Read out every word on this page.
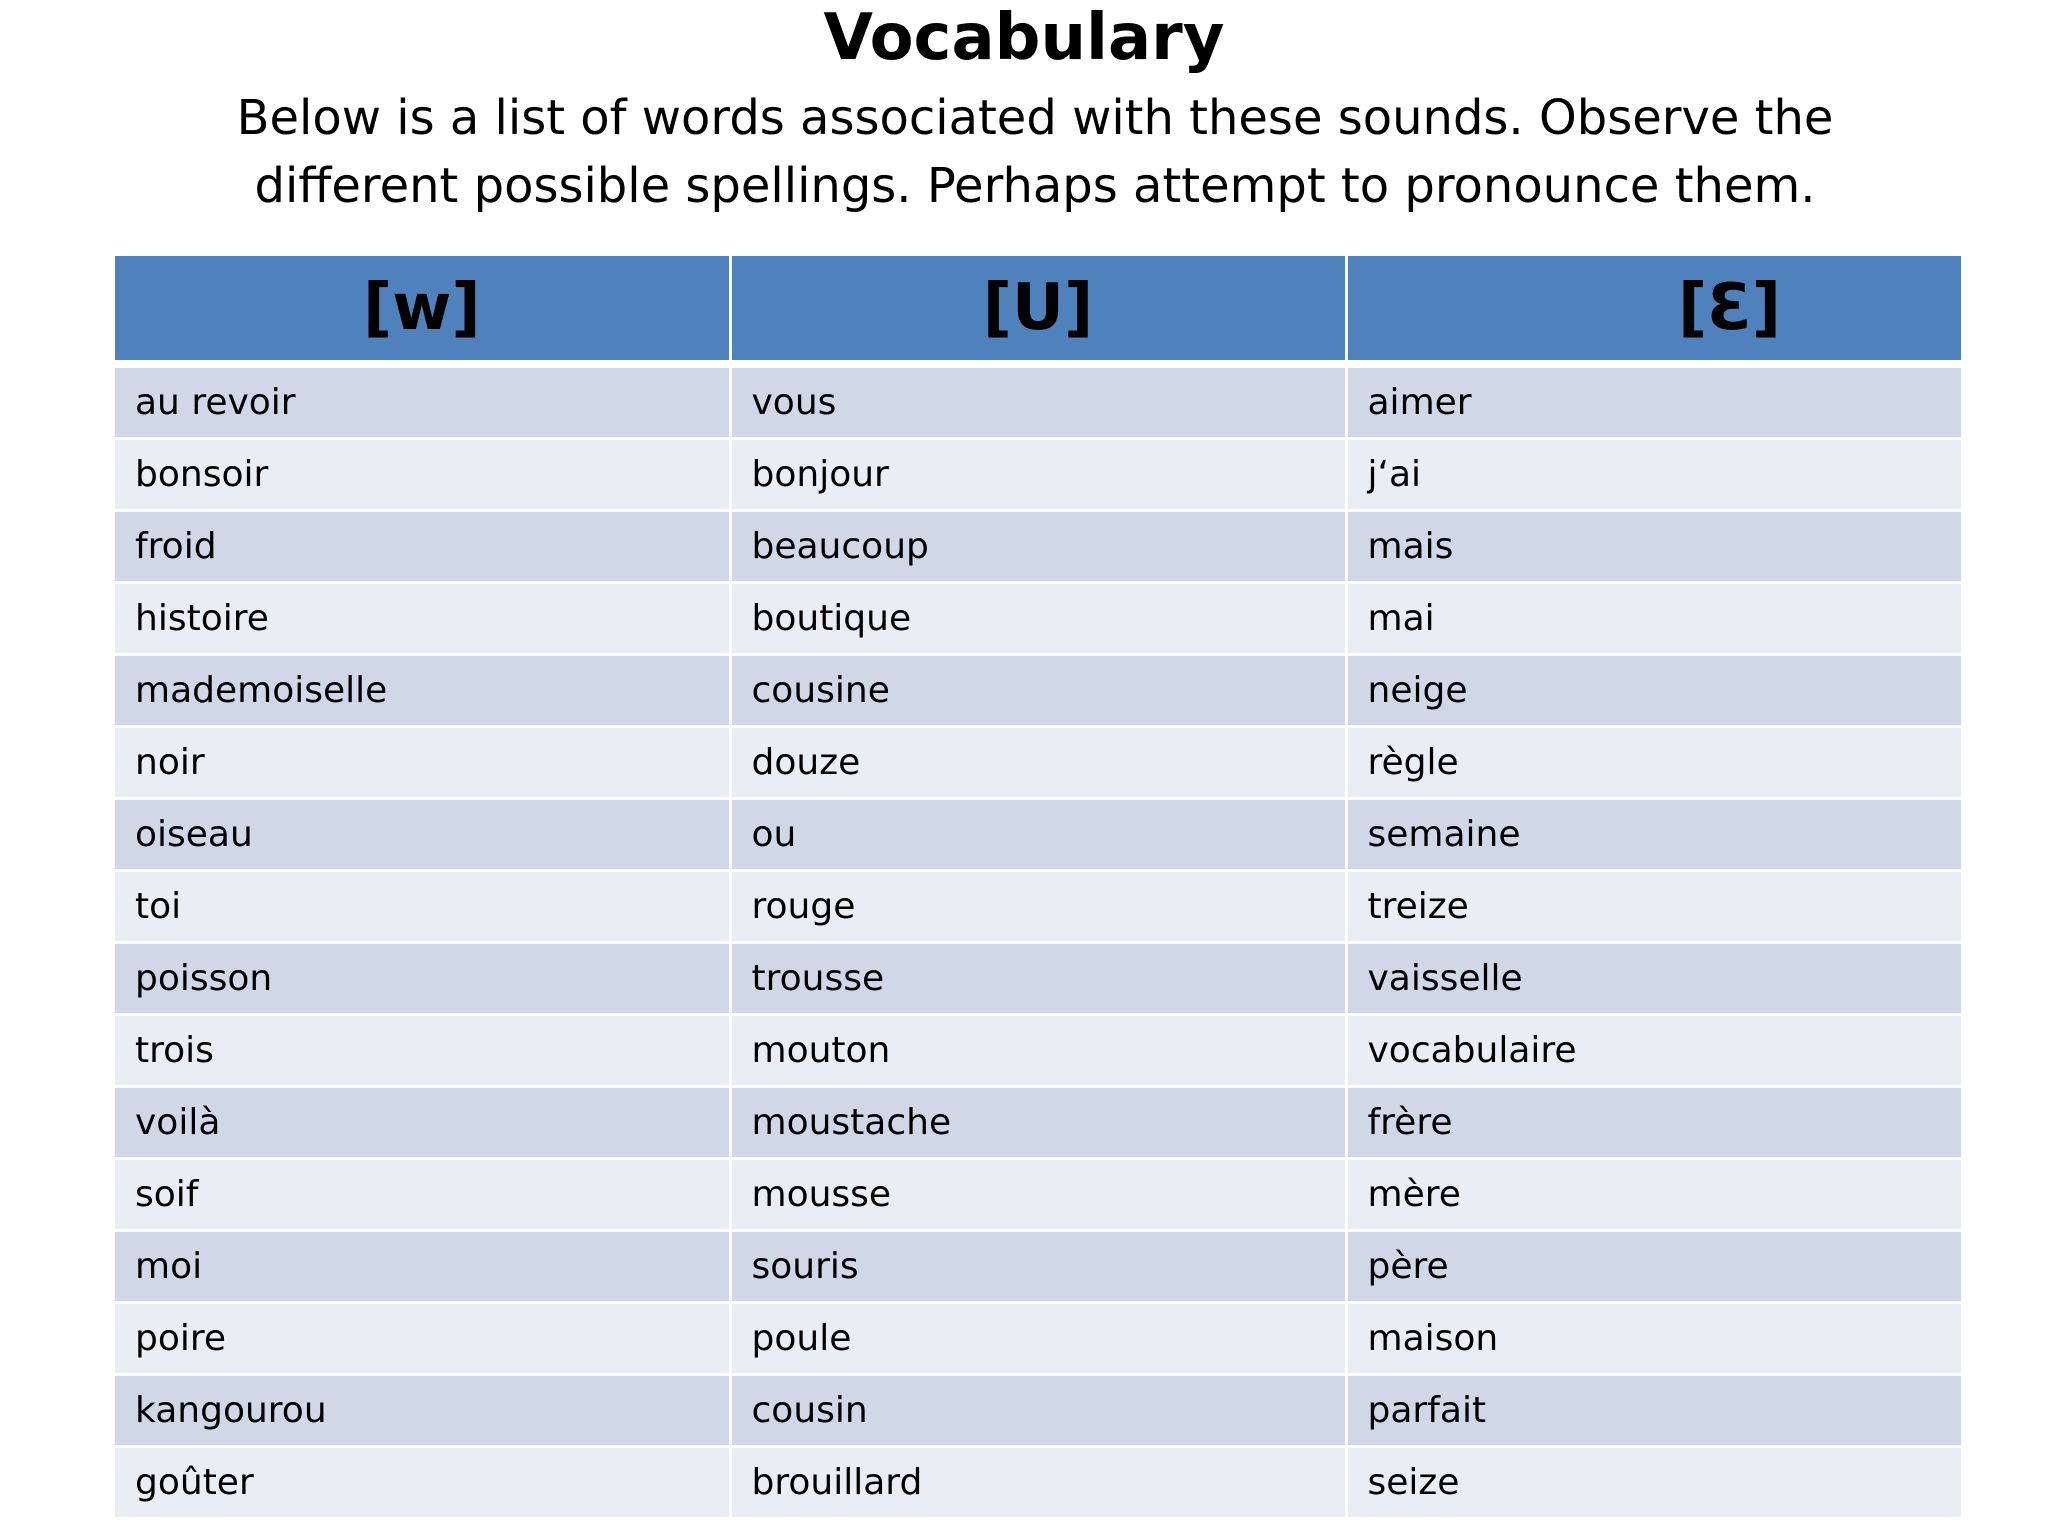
Vocabulary
Below is a list of words associated with these sounds. Observe the different possible spellings. Perhaps attempt to pronounce them.
[w]	[U]	[Ɛ]
au revoir	vous	aimer
bonsoir	bonjour	j‘ai
froid	beaucoup	mais
histoire	boutique	mai
mademoiselle	cousine	neige
noir	douze	règle
oiseau	ou	semaine
toi	rouge	treize
poisson	trousse	vaisselle
trois	mouton	vocabulaire
voilà	moustache	frère
soif	mousse	mère
moi	souris	père
poire	poule	maison
kangourou	cousin	parfait
goûter	brouillard	seize
